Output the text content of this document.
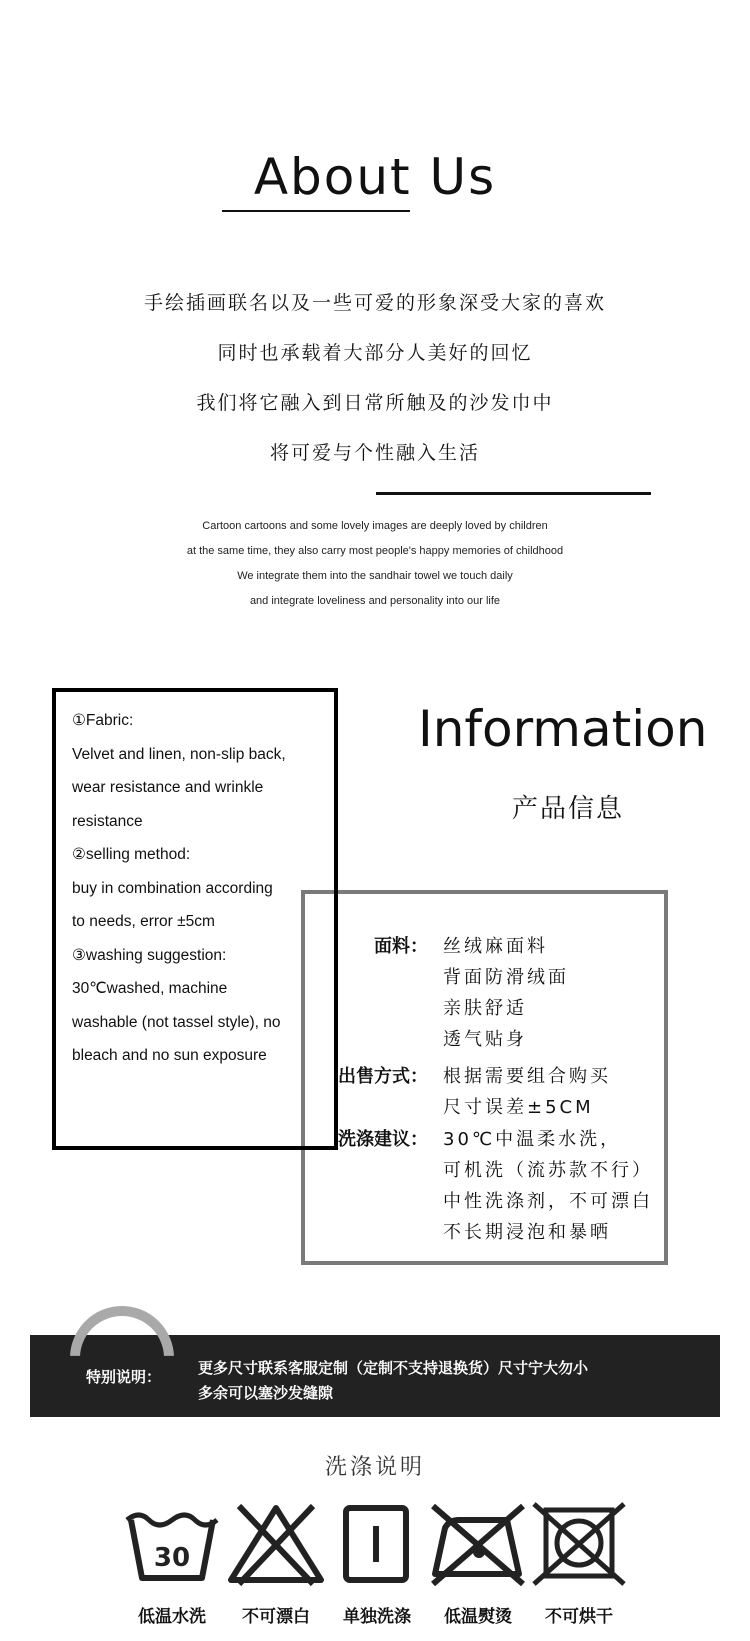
About Us
手绘插画联名以及一些可爱的形象深受大家的喜欢
同时也承载着大部分人美好的回忆
我们将它融入到日常所触及的沙发巾中
将可爱与个性融入生活
Cartoon cartoons and some lovely images are deeply loved by children
at the same time, they also carry most people's happy memories of childhood
We integrate them into the sandhair towel we touch daily
and integrate loveliness and personality into our life
①Fabric:
Velvet and linen, non-slip back,
wear resistance and wrinkle
resistance
②selling method:
buy in combination according
to needs, error ±5cm
③washing suggestion:
30℃washed, machine
washable (not tassel style), no
bleach and no sun exposure
Information
产品信息
面料： 丝绒麻面料
背面防滑绒面
亲肤舒适
透气贴身
出售方式： 根据需要组合购买
尺寸误差±5CM
洗涤建议： 30℃中温柔水洗，
可机洗（流苏款不行）
中性洗涤剂，不可漂白
不长期浸泡和暴晒
特别说明： 更多尺寸联系客服定制（定制不支持退换货）尺寸宁大勿小
多余可以塞沙发缝隙
洗涤说明
30
低温水洗	不可漂白	单独洗涤	低温熨烫	不可烘干
